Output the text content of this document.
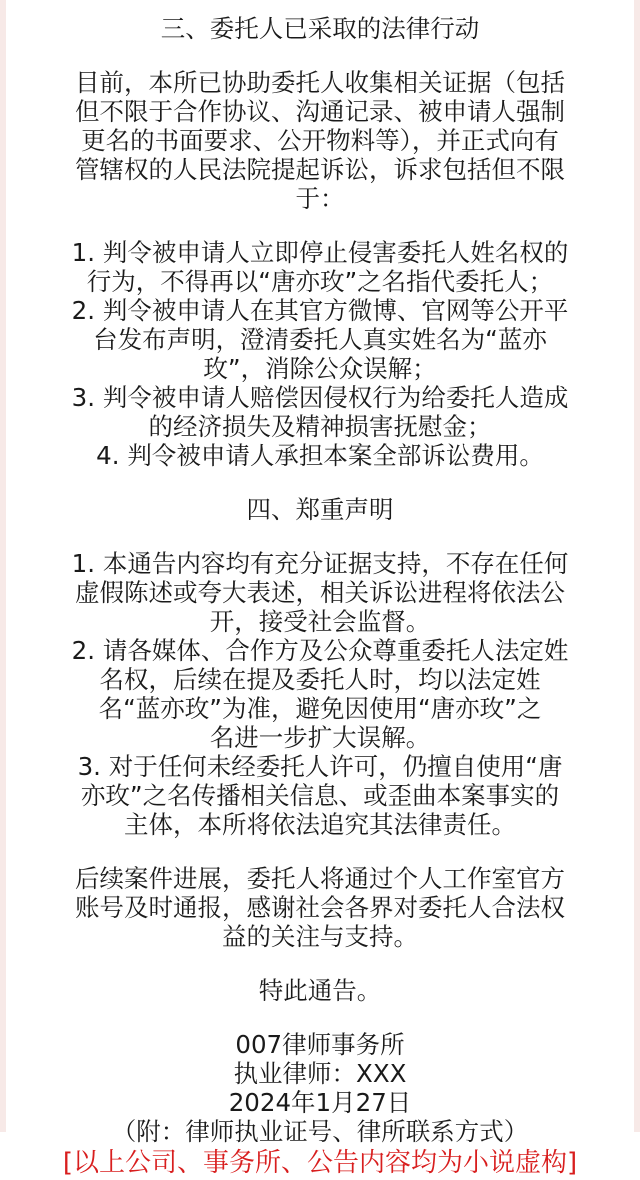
三、委托人已采取的法律行动
目前，本所已协助委托人收集相关证据（包括
但不限于合作协议、沟通记录、被申请人强制
更名的书面要求、公开物料等），并正式向有
管辖权的人民法院提起诉讼，诉求包括但不限
于：
1. 判令被申请人立即停止侵害委托人姓名权的
行为，不得再以“唐亦玫”之名指代委托人；
2. 判令被申请人在其官方微博、官网等公开平
台发布声明，澄清委托人真实姓名为“蓝亦
玫”，消除公众误解；
3. 判令被申请人赔偿因侵权行为给委托人造成
的经济损失及精神损害抚慰金；
4. 判令被申请人承担本案全部诉讼费用。
四、郑重声明
1. 本通告内容均有充分证据支持，不存在任何
虚假陈述或夸大表述，相关诉讼进程将依法公
开，接受社会监督。
2. 请各媒体、合作方及公众尊重委托人法定姓
名权，后续在提及委托人时，均以法定姓
名“蓝亦玫”为准，避免因使用“唐亦玫”之
名进一步扩大误解。
3. 对于任何未经委托人许可，仍擅自使用“唐
亦玫”之名传播相关信息、或歪曲本案事实的
主体，本所将依法追究其法律责任。
后续案件进展，委托人将通过个人工作室官方
账号及时通报，感谢社会各界对委托人合法权
益的关注与支持。
特此通告。
007律师事务所
执业律师：XXX
2024年1月27日
（附：律师执业证号、律所联系方式）
[以上公司、事务所、公告内容均为小说虚构]
